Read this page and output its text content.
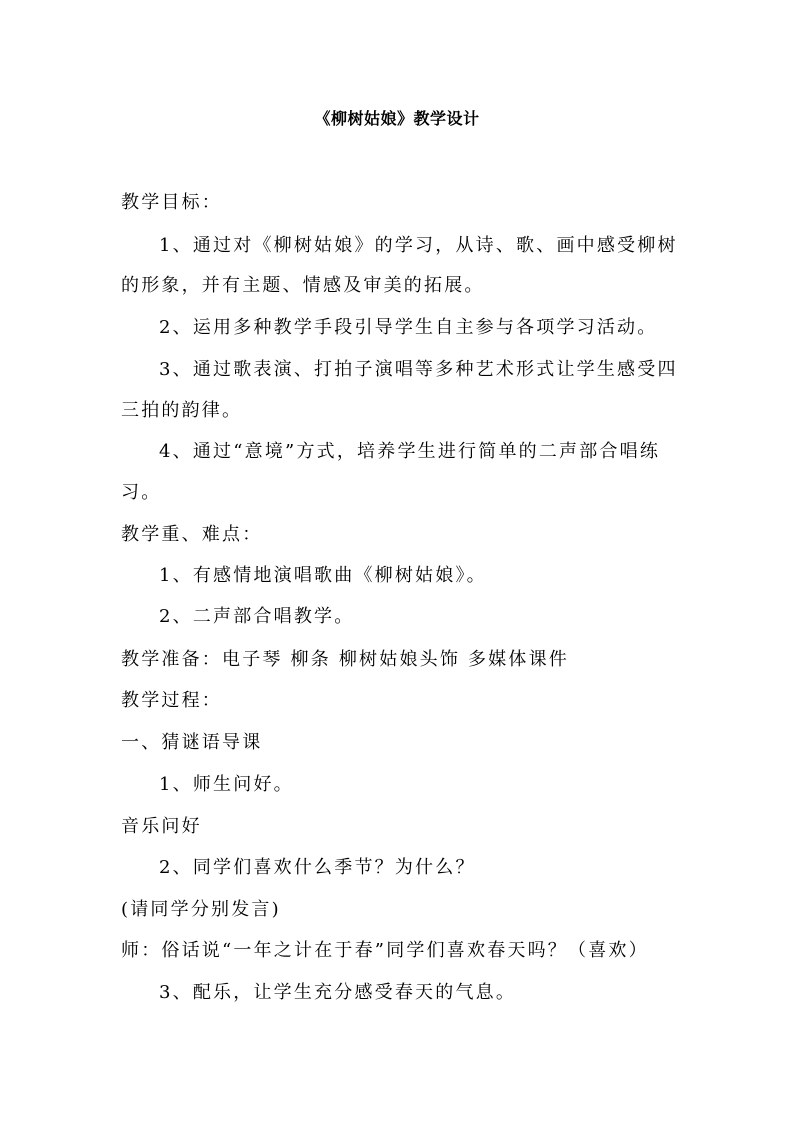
《柳树姑娘》教学设计
教学目标：
1、通过对《柳树姑娘》的学习，从诗、歌、画中感受柳树
的形象，并有主题、情感及审美的拓展。
2、运用多种教学手段引导学生自主参与各项学习活动。
3、通过歌表演、打拍子演唱等多种艺术形式让学生感受四
三拍的韵律。
4、通过“意境”方式，培养学生进行简单的二声部合唱练
习。
教学重、难点：
1、有感情地演唱歌曲《柳树姑娘》。
2、二声部合唱教学。
教学准备：电子琴 柳条 柳树姑娘头饰 多媒体课件
教学过程：
一、猜谜语导课
1、师生问好。
音乐问好
2、同学们喜欢什么季节？为什么？
(请同学分别发言)
师：俗话说“一年之计在于春”同学们喜欢春天吗？（喜欢）
3、配乐，让学生充分感受春天的气息。
